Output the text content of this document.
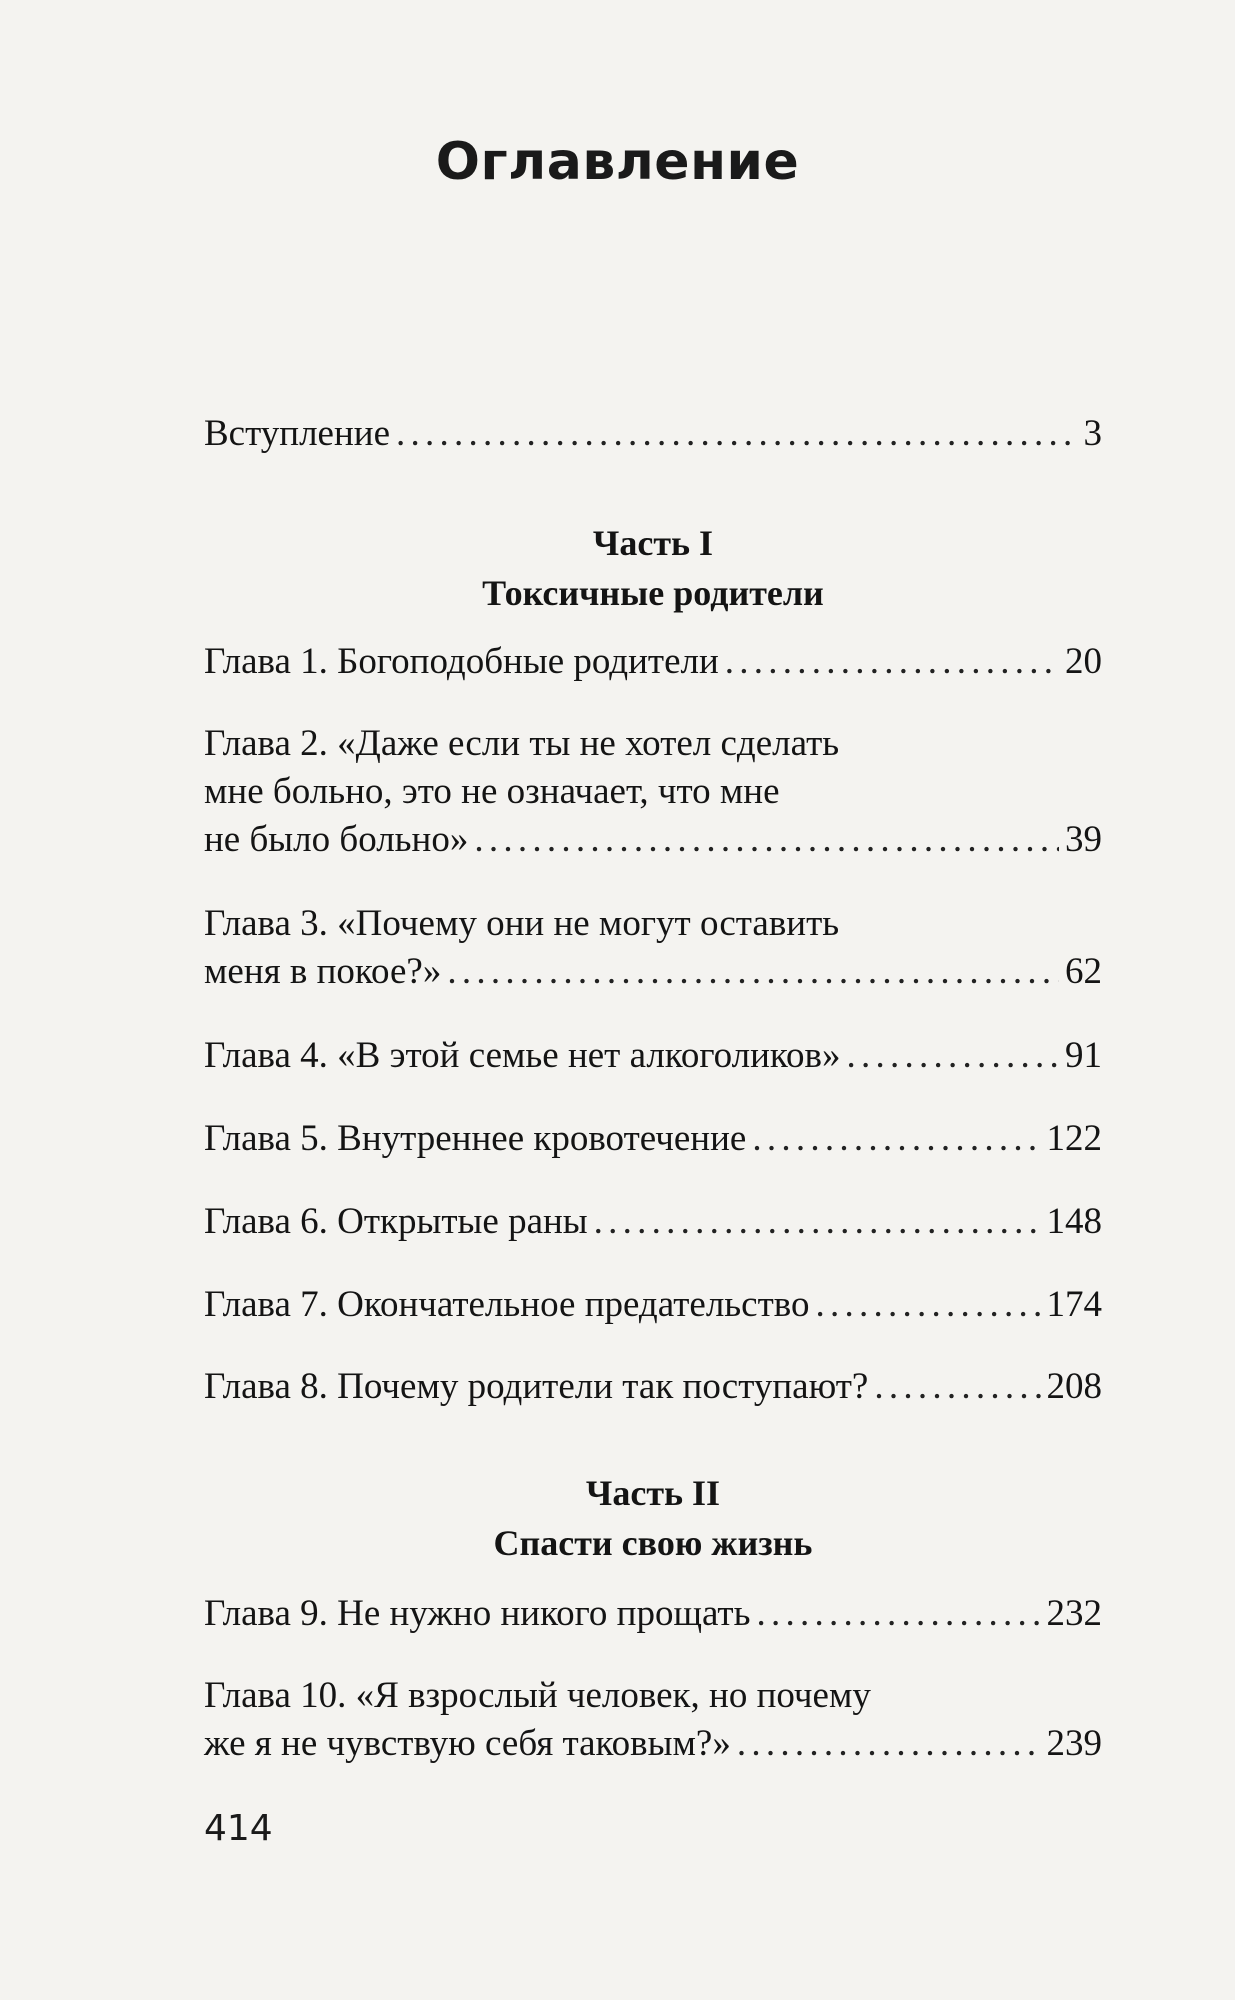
Оглавление
Вступление . . .	3
Часть I
Токсичные родители
Глава 1. Богоподобные родители . . .	20
Глава 2. «Даже если ты не хотел сделать
мне больно, это не означает, что мне
не было больно» . . .	39
Глава 3. «Почему они не могут оставить
меня в покое?» . . .	62
Глава 4. «В этой семье нет алкоголиков» . . .	91
Глава 5. Внутреннее кровотечение . . .	122
Глава 6. Открытые раны . . .	148
Глава 7. Окончательное предательство . . .	174
Глава 8. Почему родители так поступают? . . .	208
Часть II
Спасти свою жизнь
Глава 9. Не нужно никого прощать . . .	232
Глава 10. «Я взрослый человек, но почему
же я не чувствую себя таковым?» . . .	239
414
